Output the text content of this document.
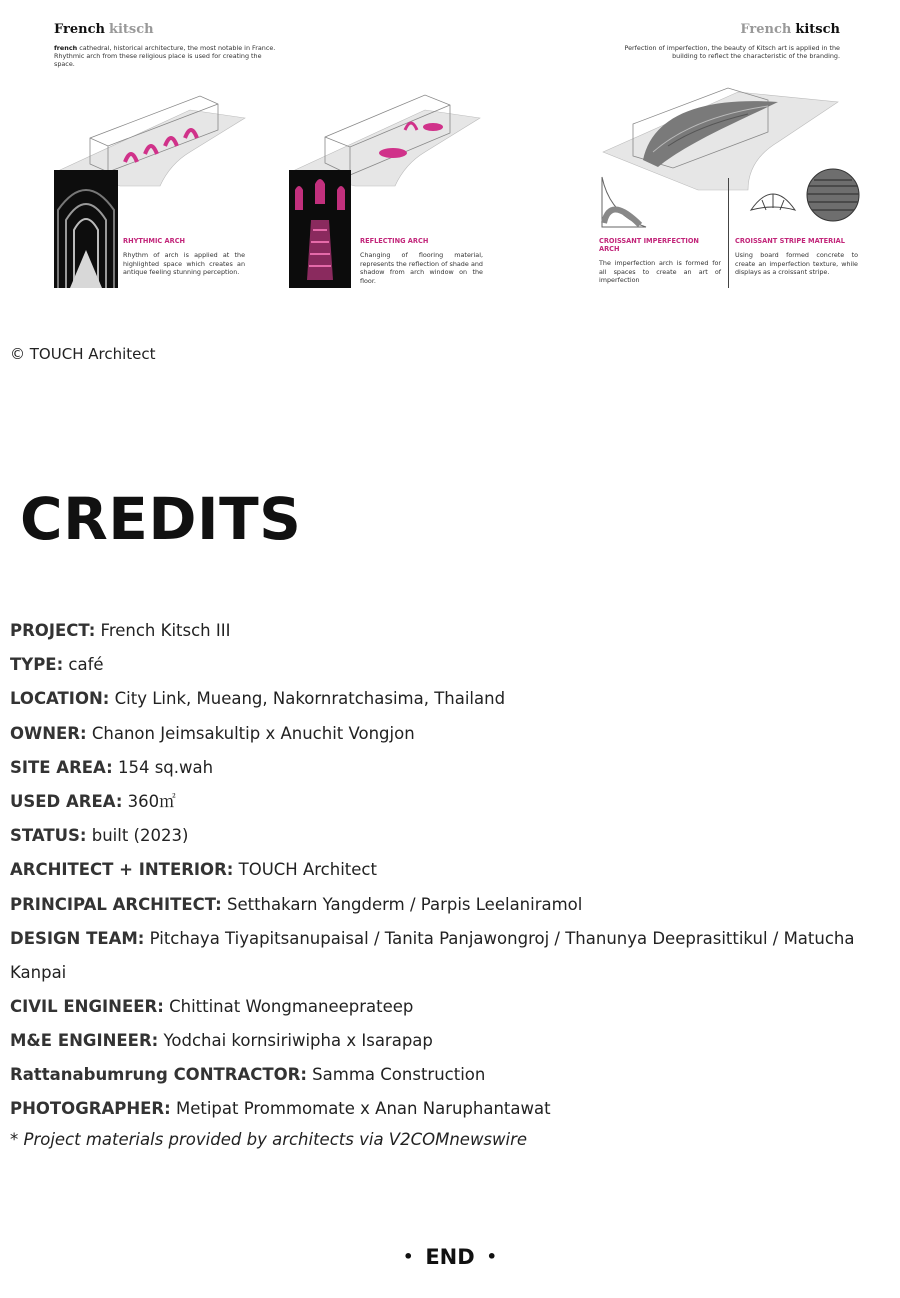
French kitsch	French kitsch
french cathedral, historical architecture, the most notable in France. Rhythmic arch from these religious place is used for creating the space.
Perfection of imperfection, the beauty of Kitsch art is applied in the building to reflect the characteristic of the branding.
RHYTHMIC ARCH
Rhythm of arch is applied at the highlighted space which creates an antique feeling stunning perception.
REFLECTING ARCH
Changing of flooring material, represents the reflection of shade and shadow from arch window on the floor.
CROISSANT IMPERFECTION ARCH
The imperfection arch is formed for all spaces to create an art of imperfection
CROISSANT STRIPE MATERIAL
Using board formed concrete to create an imperfection texture, while displays as a croissant stripe.
© TOUCH Architect
CREDITS
PROJECT: French Kitsch III
TYPE: café
LOCATION: City Link, Mueang, Nakornratchasima, Thailand
OWNER: Chanon Jeimsakultip x Anuchit Vongjon
SITE AREA: 154 sq.wah
USED AREA: 360㎡
STATUS: built (2023)
ARCHITECT + INTERIOR: TOUCH Architect
PRINCIPAL ARCHITECT: Setthakarn Yangderm / Parpis Leelaniramol
DESIGN TEAM: Pitchaya Tiyapitsanupaisal / Tanita Panjawongroj / Thanunya Deeprasittikul / Matucha Kanpai
CIVIL ENGINEER: Chittinat Wongmaneeprateep
M&E ENGINEER: Yodchai kornsiriwipha x Isarapap
Rattanabumrung CONTRACTOR: Samma Construction
PHOTOGRAPHER: Metipat Prommomate x Anan Naruphantawat
* Project materials provided by architects via V2COMnewswire
• END •
